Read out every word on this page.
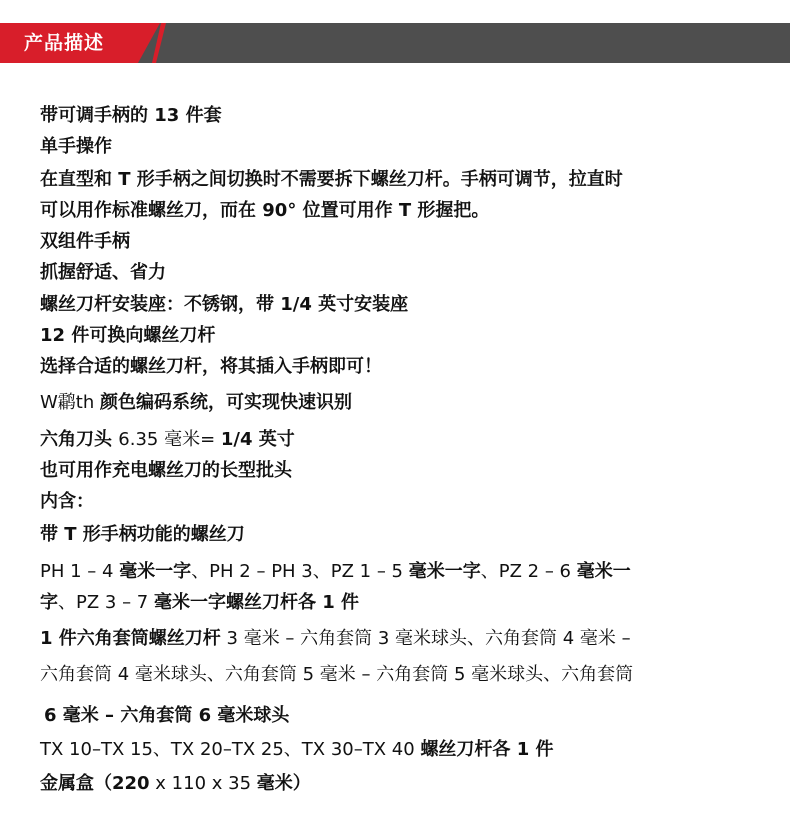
产品描述
带可调手柄的 13 件套
单手操作
在直型和 T 形手柄之间切换时不需要拆下螺丝刀杆。手柄可调节，拉直时
可以用作标准螺丝刀，而在 90° 位置可用作 T 形握把。
双组件手柄
抓握舒适、省力
螺丝刀杆安装座：不锈钢，带 1/4 英寸安装座
12 件可换向螺丝刀杆
选择合适的螺丝刀杆，将其插入手柄即可！
W鹴th 颜色编码系统，可实现快速识别
六角刀头 6.35 毫米= 1/4 英寸
也可用作充电螺丝刀的长型批头
内含：
带 T 形手柄功能的螺丝刀
PH 1 – 4 毫米一字、PH 2 – PH 3、PZ 1 – 5 毫米一字、PZ 2 – 6 毫米一
字、PZ 3 – 7 毫米一字螺丝刀杆各 1 件
1 件六角套筒螺丝刀杆 3 毫米 – 六角套筒 3 毫米球头、六角套筒 4 毫米 –
六角套筒 4 毫米球头、六角套筒 5 毫米 – 六角套筒 5 毫米球头、六角套筒
6 毫米 – 六角套筒 6 毫米球头
TX 10–TX 15、TX 20–TX 25、TX 30–TX 40 螺丝刀杆各 1 件
金属盒（220 x 110 x 35 毫米）
